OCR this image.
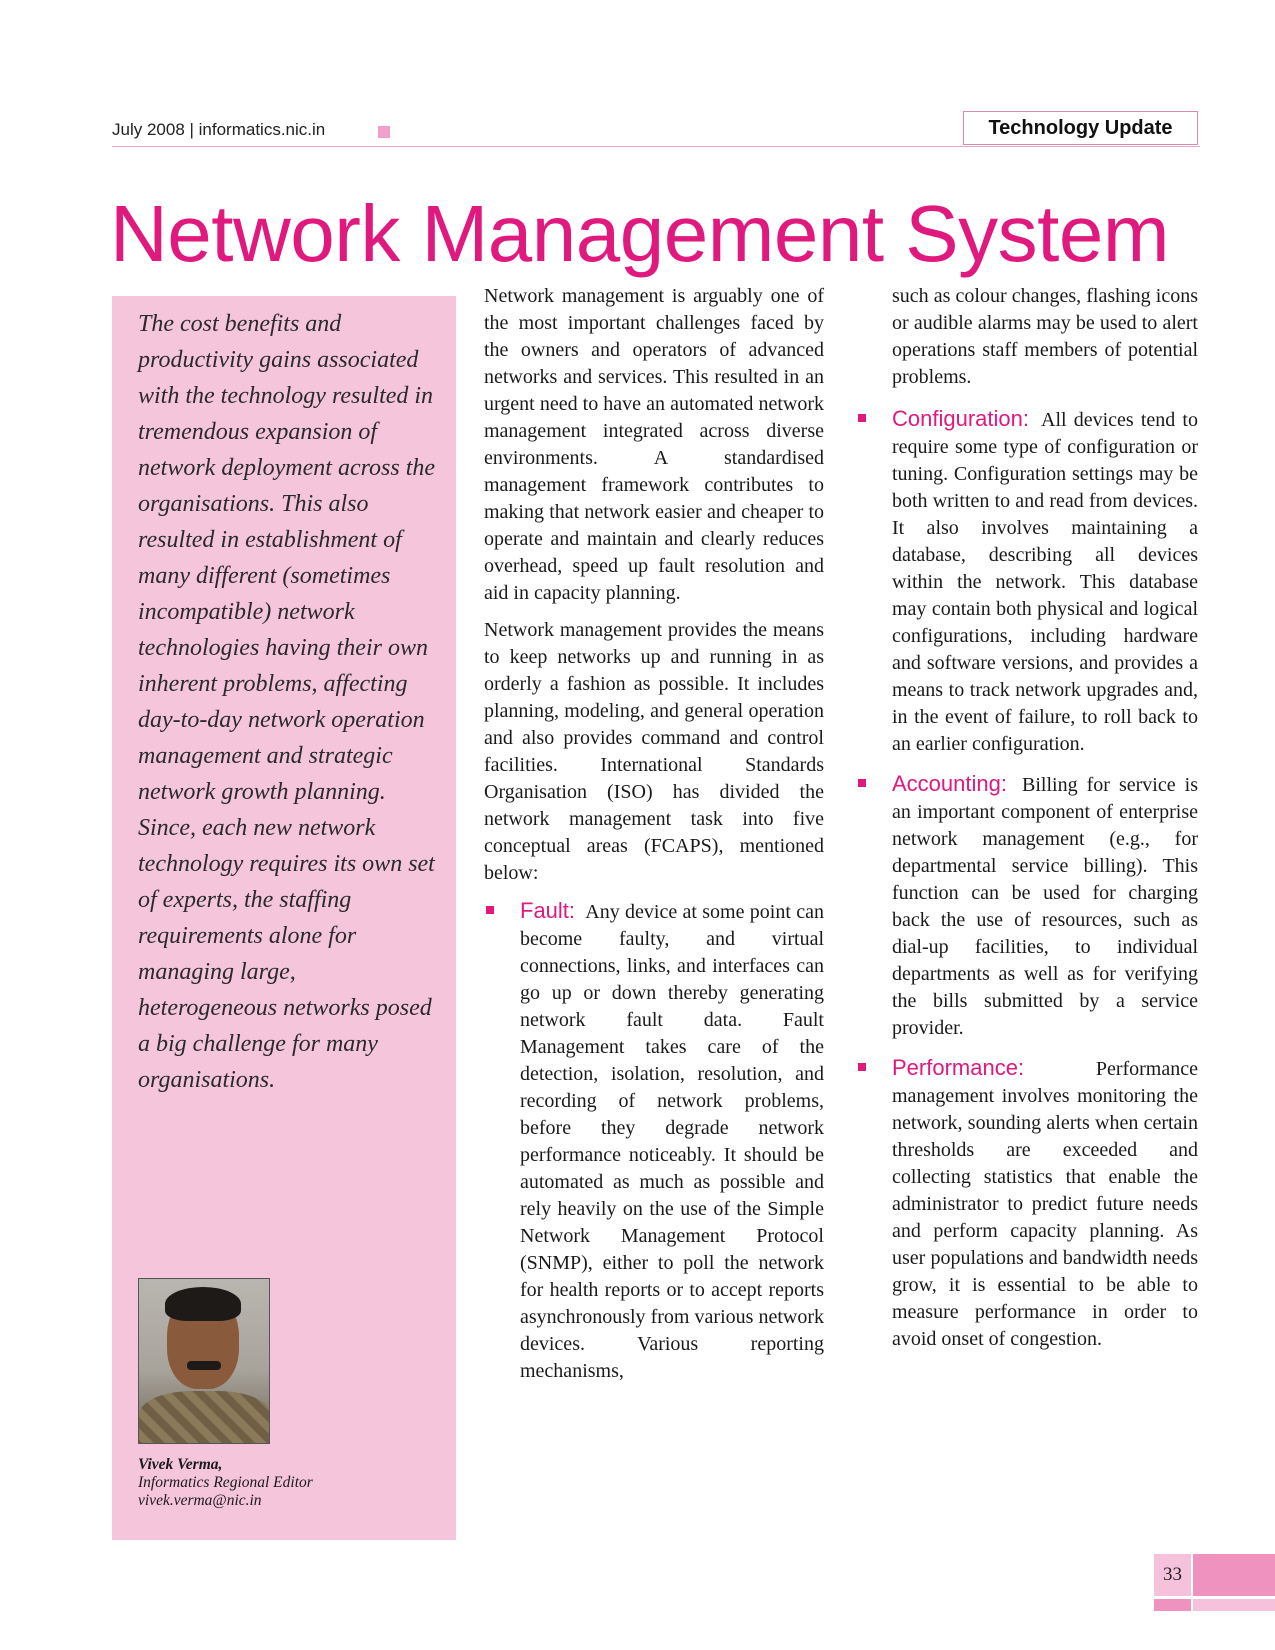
July 2008 | informatics.nic.in	Technology Update
Network Management System

The cost benefits and productivity gains associated with the technology resulted in tremendous expansion of network deployment across the organisations. This also resulted in establishment of many different (sometimes incompatible) network technologies having their own inherent problems, affecting day-to-day network operation management and strategic network growth planning. Since, each new network technology requires its own set of experts, the staffing requirements alone for managing large, heterogeneous networks posed a big challenge for many organisations.

Vivek Verma,
Informatics Regional Editor
vivek.verma@nic.in

Network management is arguably one of the most important challenges faced by the owners and operators of advanced networks and services. This resulted in an urgent need to have an automated network management integrated across diverse environments. A standardised management framework contributes to making that network easier and cheaper to operate and maintain and clearly reduces overhead, speed up fault resolution and aid in capacity planning.

Network management provides the means to keep networks up and running in as orderly a fashion as possible. It includes planning, modeling, and general operation and also provides command and control facilities. International Standards Organisation (ISO) has divided the network management task into five conceptual areas (FCAPS), mentioned below:

Fault: Any device at some point can become faulty, and virtual connections, links, and interfaces can go up or down thereby generating network fault data. Fault Management takes care of the detection, isolation, resolution, and recording of network problems, before they degrade network performance noticeably. It should be automated as much as possible and rely heavily on the use of the Simple Network Management Protocol (SNMP), either to poll the network for health reports or to accept reports asynchronously from various network devices. Various reporting mechanisms,

such as colour changes, flashing icons or audible alarms may be used to alert operations staff members of potential problems.

Configuration: All devices tend to require some type of configuration or tuning. Configuration settings may be both written to and read from devices. It also involves maintaining a database, describing all devices within the network. This database may contain both physical and logical configurations, including hardware and software versions, and provides a means to track network upgrades and, in the event of failure, to roll back to an earlier configuration.
Accounting: Billing for service is an important component of enterprise network management (e.g., for departmental service billing). This function can be used for charging back the use of resources, such as dial-up facilities, to individual departments as well as for verifying the bills submitted by a service provider.
Performance:	Performance management involves monitoring the network, sounding alerts when certain thresholds are exceeded and collecting statistics that enable the administrator to predict future needs and perform capacity planning. As user populations and bandwidth needs grow, it is essential to be able to measure performance in order to avoid onset of congestion.
33
